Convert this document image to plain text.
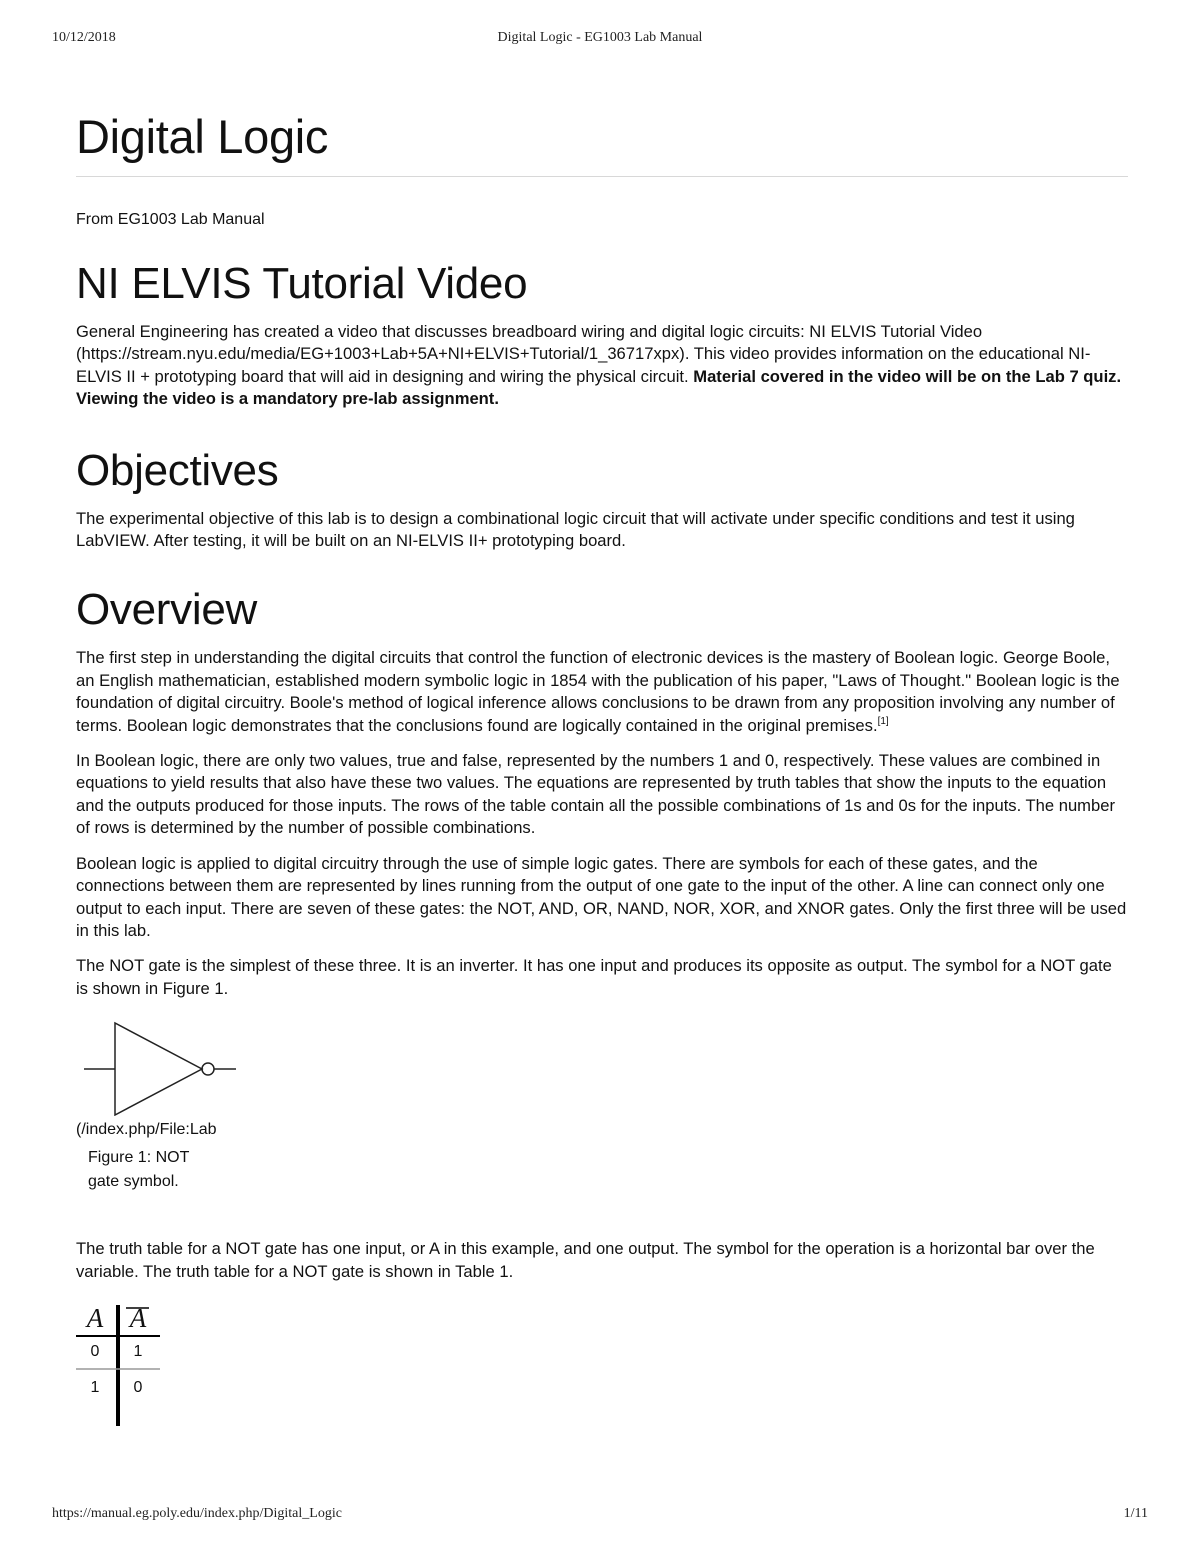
10/12/2018	Digital Logic - EG1003 Lab Manual
Digital Logic
From EG1003 Lab Manual
NI ELVIS Tutorial Video

General Engineering has created a video that discusses breadboard wiring and digital logic circuits: NI ELVIS Tutorial Video (https://stream.nyu.edu/media/EG+1003+Lab+5A+NI+ELVIS+Tutorial/1_36717xpx). This video provides information on the educational NI-ELVIS II + prototyping board that will aid in designing and wiring the physical circuit. Material covered in the video will be on the Lab 7 quiz. Viewing the video is a mandatory pre-lab assignment.

Objectives

The experimental objective of this lab is to design a combinational logic circuit that will activate under specific conditions and test it using LabVIEW. After testing, it will be built on an NI-ELVIS II+ prototyping board.

Overview

The first step in understanding the digital circuits that control the function of electronic devices is the mastery of Boolean logic. George Boole, an English mathematician, established modern symbolic logic in 1854 with the publication of his paper, "Laws of Thought." Boolean logic is the foundation of digital circuitry. Boole's method of logical inference allows conclusions to be drawn from any proposition involving any number of terms. Boolean logic demonstrates that the conclusions found are logically contained in the original premises.[1]

In Boolean logic, there are only two values, true and false, represented by the numbers 1 and 0, respectively. These values are combined in equations to yield results that also have these two values. The equations are represented by truth tables that show the inputs to the equation and the outputs produced for those inputs. The rows of the table contain all the possible combinations of 1s and 0s for the inputs. The number of rows is determined by the number of possible combinations.

Boolean logic is applied to digital circuitry through the use of simple logic gates. There are symbols for each of these gates, and the connections between them are represented by lines running from the output of one gate to the input of the other. A line can connect only one output to each input. There are seven of these gates: the NOT, AND, OR, NAND, NOR, XOR, and XNOR gates. Only the first three will be used in this lab.

The NOT gate is the simplest of these three. It is an inverter. It has one input and produces its opposite as output. The symbol for a NOT gate is shown in Figure 1.

(/index.php/File:Lab
Figure 1: NOT gate symbol.

The truth table for a NOT gate has one input, or A in this example, and one output. The symbol for the operation is a horizontal bar over the variable. The truth table for a NOT gate is shown in Table 1.

A A
0	1
1	0
https://manual.eg.poly.edu/index.php/Digital_Logic	1/11
